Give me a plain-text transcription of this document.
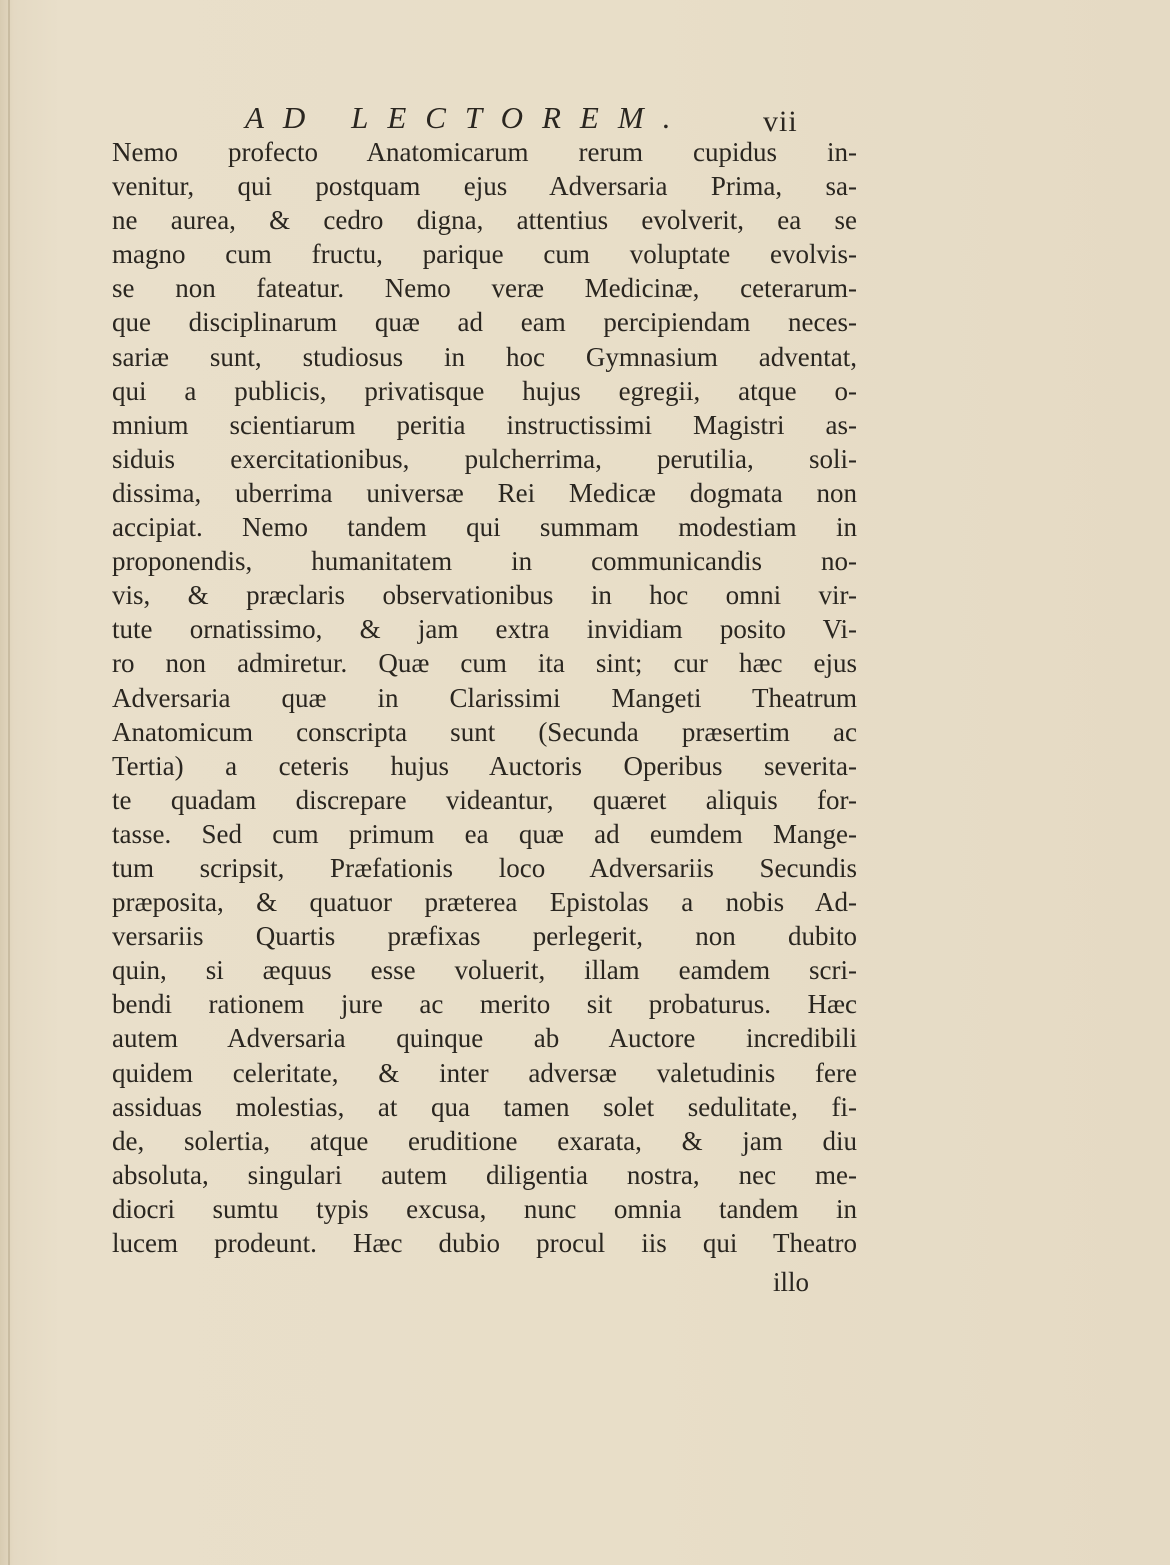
AD LECTOREM. vii
Nemo profecto Anatomicarum rerum cupidus in-
venitur, qui postquam ejus Adversaria Prima, sa-
ne aurea, & cedro digna, attentius evolverit, ea se
magno cum fructu, parique cum voluptate evolvis-
se non fateatur. Nemo veræ Medicinæ, ceterarum-
que disciplinarum quæ ad eam percipiendam neces-
sariæ sunt, studiosus in hoc Gymnasium adventat,
qui a publicis, privatisque hujus egregii, atque o-
mnium scientiarum peritia instructissimi Magistri as-
siduis exercitationibus, pulcherrima, perutilia, soli-
dissima, uberrima universæ Rei Medicæ dogmata non
accipiat. Nemo tandem qui summam modestiam in
proponendis, humanitatem in communicandis no-
vis, & præclaris observationibus in hoc omni vir-
tute ornatissimo, & jam extra invidiam posito Vi-
ro non admiretur. Quæ cum ita sint; cur hæc ejus
Adversaria quæ in Clarissimi Mangeti Theatrum
Anatomicum conscripta sunt (Secunda præsertim ac
Tertia) a ceteris hujus Auctoris Operibus severita-
te quadam discrepare videantur, quæret aliquis for-
tasse. Sed cum primum ea quæ ad eumdem Mange-
tum scripsit, Præfationis loco Adversariis Secundis
præposita, & quatuor præterea Epistolas a nobis Ad-
versariis Quartis præfixas perlegerit, non dubito
quin, si æquus esse voluerit, illam eamdem scri-
bendi rationem jure ac merito sit probaturus. Hæc
autem Adversaria quinque ab Auctore incredibili
quidem celeritate, & inter adversæ valetudinis fere
assiduas molestias, at qua tamen solet sedulitate, fi-
de, solertia, atque eruditione exarata, & jam diu
absoluta, singulari autem diligentia nostra, nec me-
diocri sumtu typis excusa, nunc omnia tandem in
lucem prodeunt. Hæc dubio procul iis qui Theatro
illo
